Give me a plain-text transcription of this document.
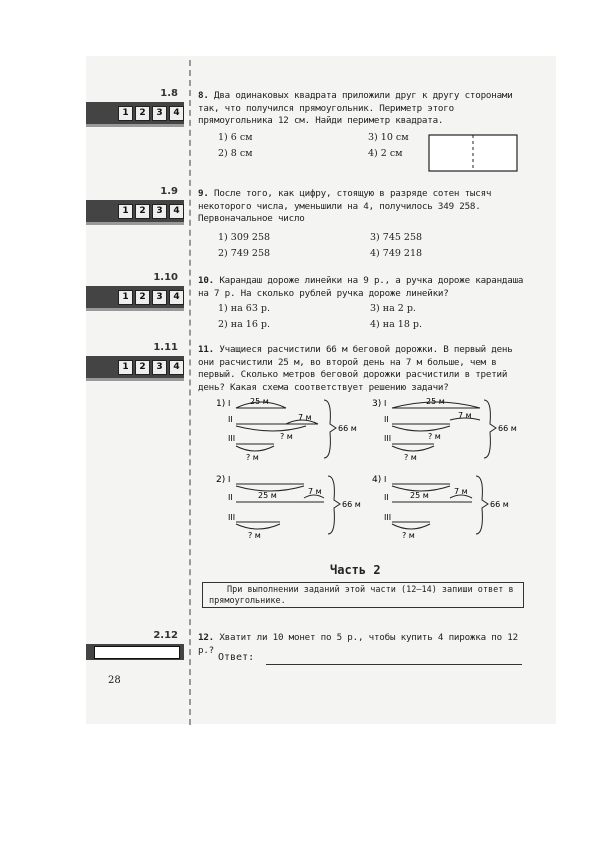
1.8
1	2	3	4
1.9
1	2	3	4
1.10
1	2	3	4
1.11
1	2	3	4
2.12
8. Два одинаковых квадрата приложили друг к другу сторонами так, что получился прямоугольник. Периметр этого прямоугольника 12 см. Найди периметр квадрата.
1) 6 см
2) 8 см
3) 10 см
4) 2 см
9. После того, как цифру, стоящую в разряде сотен тысяч некоторого числа, уменьшили на 4, получилось 349 258. Первоначальное число
1) 309 258
2) 749 258
3) 745 258
4) 749 218
10. Карандаш дороже линейки на 9 р., а ручка дороже карандаша на 7 р. На сколько рублей ручка дороже линейки?
1) на 63 р.
2) на 16 р.
3) на 2 р.
4) на 18 р.
11. Учащиеся расчистили 66 м беговой дорожки. В первый день они расчистили 25 м, во второй день на 7 м больше, чем в первый. Сколько метров беговой дорожки расчистили в третий день? Какая схема соответствует решению задачи?
1) I
II
III
25 м
7 м
? м
? м
66 м
3) I
II
III
25 м
7 м
? м
? м
66 м
2) I
II
III
25 м	7 м
? м
66 м
4) I
II
III
25 м	7 м
? м
66 м
Часть 2
При выполнении заданий этой части (12–14) запиши ответ в прямоугольнике.
12. Хватит ли 10 монет по 5 р., чтобы купить 4 пирожка по 12 р.?
Ответ:
28
